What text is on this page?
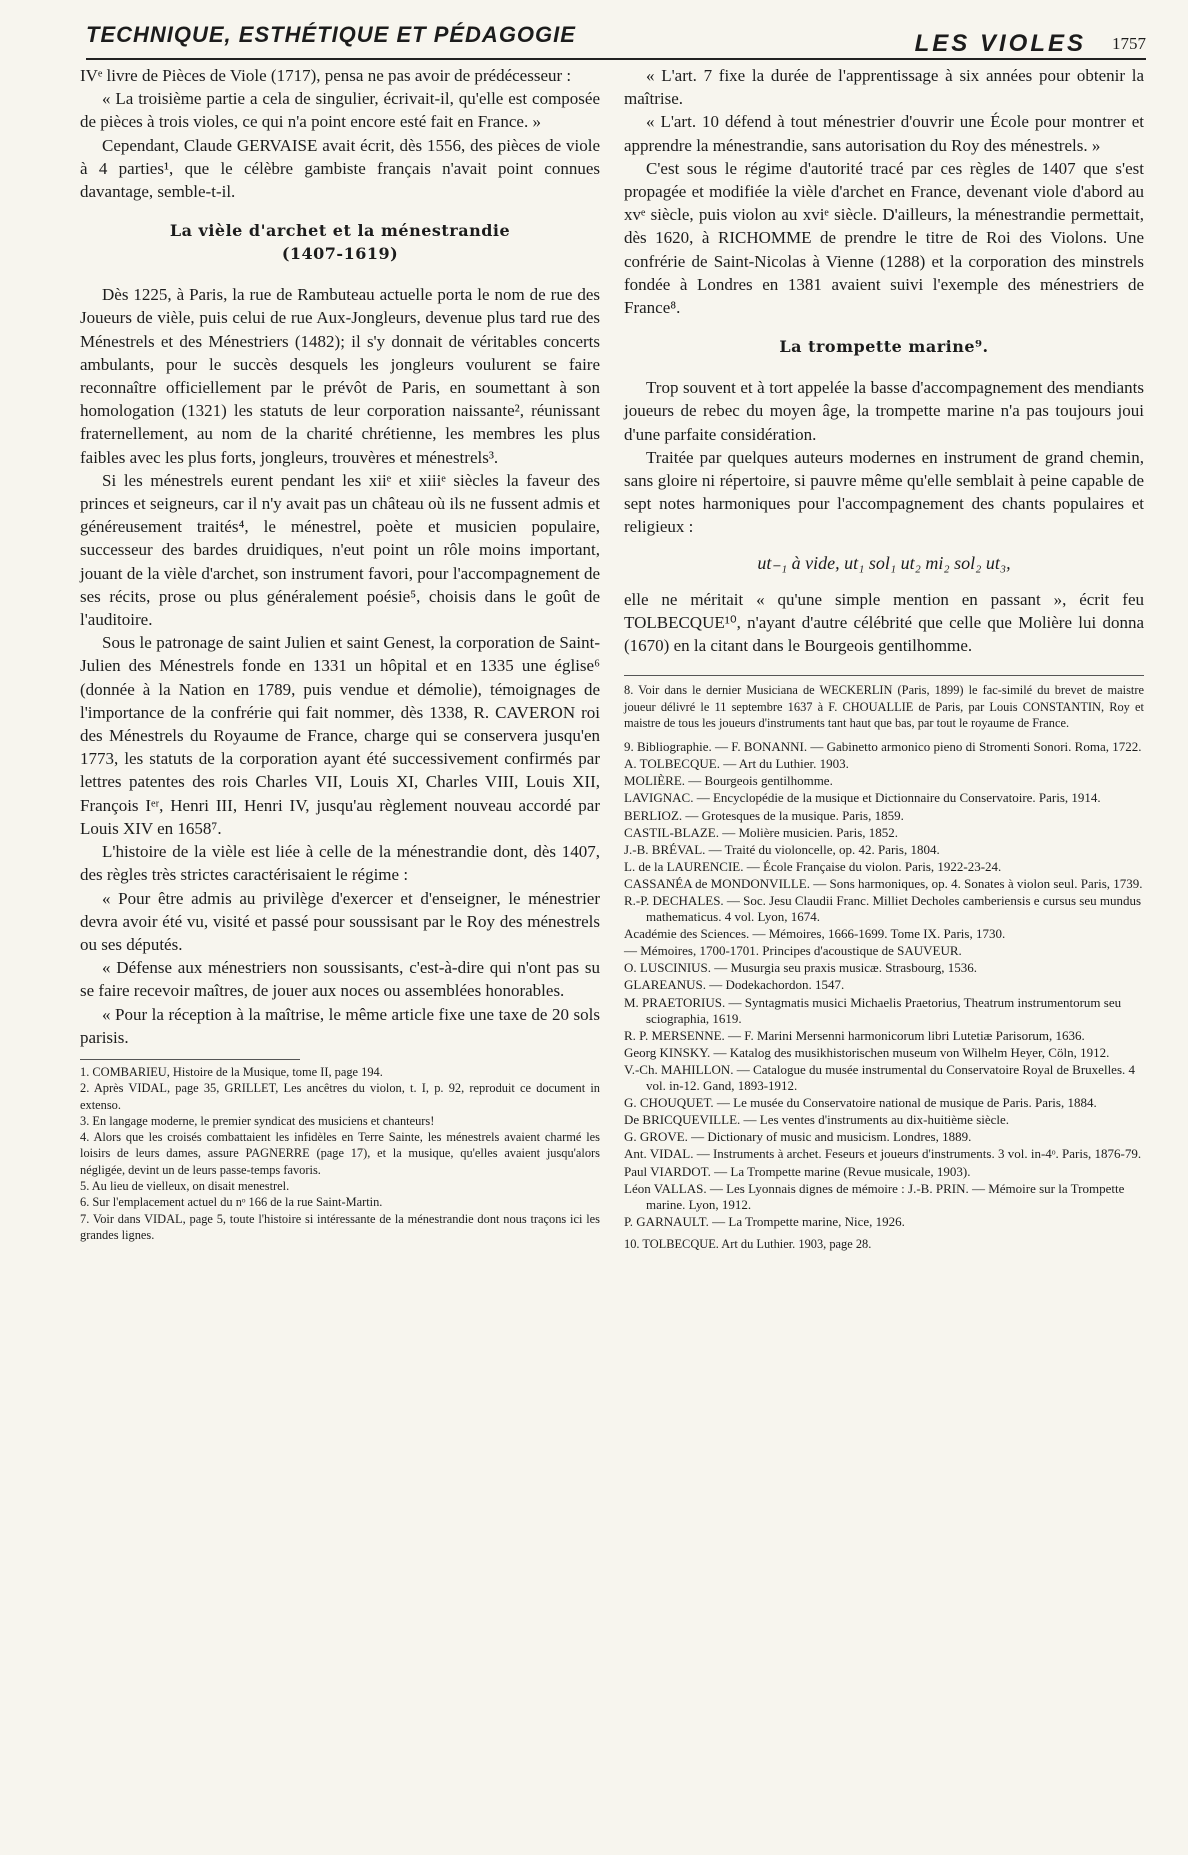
TECHNIQUE, ESTHÉTIQUE ET PÉDAGOGIE	LES VIOLES 1757

IVᵉ livre de Pièces de Viole (1717), pensa ne pas avoir de prédécesseur :

« La troisième partie a cela de singulier, écrivait-il, qu'elle est composée de pièces à trois violes, ce qui n'a point encore esté fait en France. »

Cependant, Claude GERVAISE avait écrit, dès 1556, des pièces de viole à 4 parties¹, que le célèbre gambiste français n'avait point connues davantage, semble-t-il.

La vièle d'archet et la ménestrandie
(1407-1619)

Dès 1225, à Paris, la rue de Rambuteau actuelle porta le nom de rue des Joueurs de vièle, puis celui de rue Aux-Jongleurs, devenue plus tard rue des Ménestrels et des Ménestriers (1482); il s'y donnait de véritables concerts ambulants, pour le succès desquels les jongleurs voulurent se faire reconnaître officiellement par le prévôt de Paris, en soumettant à son homologation (1321) les statuts de leur corporation naissante², réunissant fraternellement, au nom de la charité chrétienne, les membres les plus faibles avec les plus forts, jongleurs, trouvères et ménestrels³.

Si les ménestrels eurent pendant les xiiᵉ et xiiiᵉ siècles la faveur des princes et seigneurs, car il n'y avait pas un château où ils ne fussent admis et généreusement traités⁴, le ménestrel, poète et musicien populaire, successeur des bardes druidiques, n'eut point un rôle moins important, jouant de la vièle d'archet, son instrument favori, pour l'accompagnement de ses récits, prose ou plus généralement poésie⁵, choisis dans le goût de l'auditoire.

Sous le patronage de saint Julien et saint Genest, la corporation de Saint-Julien des Ménestrels fonde en 1331 un hôpital et en 1335 une église⁶ (donnée à la Nation en 1789, puis vendue et démolie), témoignages de l'importance de la confrérie qui fait nommer, dès 1338, R. CAVERON roi des Ménestrels du Royaume de France, charge qui se conservera jusqu'en 1773, les statuts de la corporation ayant été successivement confirmés par lettres patentes des rois Charles VII, Louis XI, Charles VIII, Louis XII, François Iᵉʳ, Henri III, Henri IV, jusqu'au règlement nouveau accordé par Louis XIV en 1658⁷.

L'histoire de la vièle est liée à celle de la ménestrandie dont, dès 1407, des règles très strictes caractérisaient le régime :

« Pour être admis au privilège d'exercer et d'enseigner, le ménestrier devra avoir été vu, visité et passé pour soussisant par le Roy des ménestrels ou ses députés.

« Défense aux ménestriers non soussisants, c'est-à-dire qui n'ont pas su se faire recevoir maîtres, de jouer aux noces ou assemblées honorables.

« Pour la réception à la maîtrise, le même article fixe une taxe de 20 sols parisis.

1. COMBARIEU, Histoire de la Musique, tome II, page 194.

2. Après VIDAL, page 35, GRILLET, Les ancêtres du violon, t. I, p. 92, reproduit ce document in extenso.

3. En langage moderne, le premier syndicat des musiciens et chanteurs!

4. Alors que les croisés combattaient les infidèles en Terre Sainte, les ménestrels avaient charmé les loisirs de leurs dames, assure PAGNERRE (page 17), et la musique, qu'elles avaient jusqu'alors négligée, devint un de leurs passe-temps favoris.

5. Au lieu de vielleux, on disait menestrel.

6. Sur l'emplacement actuel du nᵒ 166 de la rue Saint-Martin.

7. Voir dans VIDAL, page 5, toute l'histoire si intéressante de la ménestrandie dont nous traçons ici les grandes lignes.

« L'art. 7 fixe la durée de l'apprentissage à six années pour obtenir la maîtrise.

« L'art. 10 défend à tout ménestrier d'ouvrir une École pour montrer et apprendre la ménestrandie, sans autorisation du Roy des ménestrels. »

C'est sous le régime d'autorité tracé par ces règles de 1407 que s'est propagée et modifiée la vièle d'archet en France, devenant viole d'abord au xvᵉ siècle, puis violon au xviᵉ siècle. D'ailleurs, la ménestrandie permettait, dès 1620, à RICHOMME de prendre le titre de Roi des Violons. Une confrérie de Saint-Nicolas à Vienne (1288) et la corporation des minstrels fondée à Londres en 1381 avaient suivi l'exemple des ménestriers de France⁸.

La trompette marine⁹.

Trop souvent et à tort appelée la basse d'accompagnement des mendiants joueurs de rebec du moyen âge, la trompette marine n'a pas toujours joui d'une parfaite considération.

Traitée par quelques auteurs modernes en instrument de grand chemin, sans gloire ni répertoire, si pauvre même qu'elle semblait à peine capable de sept notes harmoniques pour l'accompagnement des chants populaires et religieux :

ut₋₁ à vide, ut₁ sol₁ ut₂ mi₂ sol₂ ut₃,

elle ne méritait « qu'une simple mention en passant », écrit feu TOLBECQUE¹⁰, n'ayant d'autre célébrité que celle que Molière lui donna (1670) en la citant dans le Bourgeois gentilhomme.

8. Voir dans le dernier Musiciana de WECKERLIN (Paris, 1899) le fac-similé du brevet de maistre joueur délivré le 11 septembre 1637 à F. CHOUALLIE de Paris, par Louis CONSTANTIN, Roy et maistre de tous les joueurs d'instruments tant haut que bas, par tout le royaume de France.

9. Bibliographie. — F. BONANNI. — Gabinetto armonico pieno di Stromenti Sonori. Roma, 1722.

A. TOLBECQUE. — Art du Luthier. 1903.

MOLIÈRE. — Bourgeois gentilhomme.

LAVIGNAC. — Encyclopédie de la musique et Dictionnaire du Conservatoire. Paris, 1914.

BERLIOZ. — Grotesques de la musique. Paris, 1859.

CASTIL-BLAZE. — Molière musicien. Paris, 1852.

J.-B. BRÉVAL. — Traité du violoncelle, op. 42. Paris, 1804.

L. de la LAURENCIE. — École Française du violon. Paris, 1922-23-24.

CASSANÉA de MONDONVILLE. — Sons harmoniques, op. 4. Sonates à violon seul. Paris, 1739.

R.-P. DECHALES. — Soc. Jesu Claudii Franc. Milliet Decholes camberiensis e cursus seu mundus mathematicus. 4 vol. Lyon, 1674.

Académie des Sciences. — Mémoires, 1666-1699. Tome IX. Paris, 1730.

— Mémoires, 1700-1701. Principes d'acoustique de SAUVEUR.

O. LUSCINIUS. — Musurgia seu praxis musicæ. Strasbourg, 1536.

GLAREANUS. — Dodekachordon. 1547.

M. PRAETORIUS. — Syntagmatis musici Michaelis Praetorius, Theatrum instrumentorum seu sciographia, 1619.

R. P. MERSENNE. — F. Marini Mersenni harmonicorum libri Lutetiæ Parisorum, 1636.

Georg KINSKY. — Katalog des musikhistorischen museum von Wilhelm Heyer, Cöln, 1912.

V.-Ch. MAHILLON. — Catalogue du musée instrumental du Conservatoire Royal de Bruxelles. 4 vol. in-12. Gand, 1893-1912.

G. CHOUQUET. — Le musée du Conservatoire national de musique de Paris. Paris, 1884.

De BRICQUEVILLE. — Les ventes d'instruments au dix-huitième siècle.

G. GROVE. — Dictionary of music and musicism. Londres, 1889.

Ant. VIDAL. — Instruments à archet. Feseurs et joueurs d'instruments. 3 vol. in-4ᵒ. Paris, 1876-79.

Paul VIARDOT. — La Trompette marine (Revue musicale, 1903).

Léon VALLAS. — Les Lyonnais dignes de mémoire : J.-B. PRIN. — Mémoire sur la Trompette marine. Lyon, 1912.

P. GARNAULT. — La Trompette marine, Nice, 1926.

10. TOLBECQUE. Art du Luthier. 1903, page 28.
